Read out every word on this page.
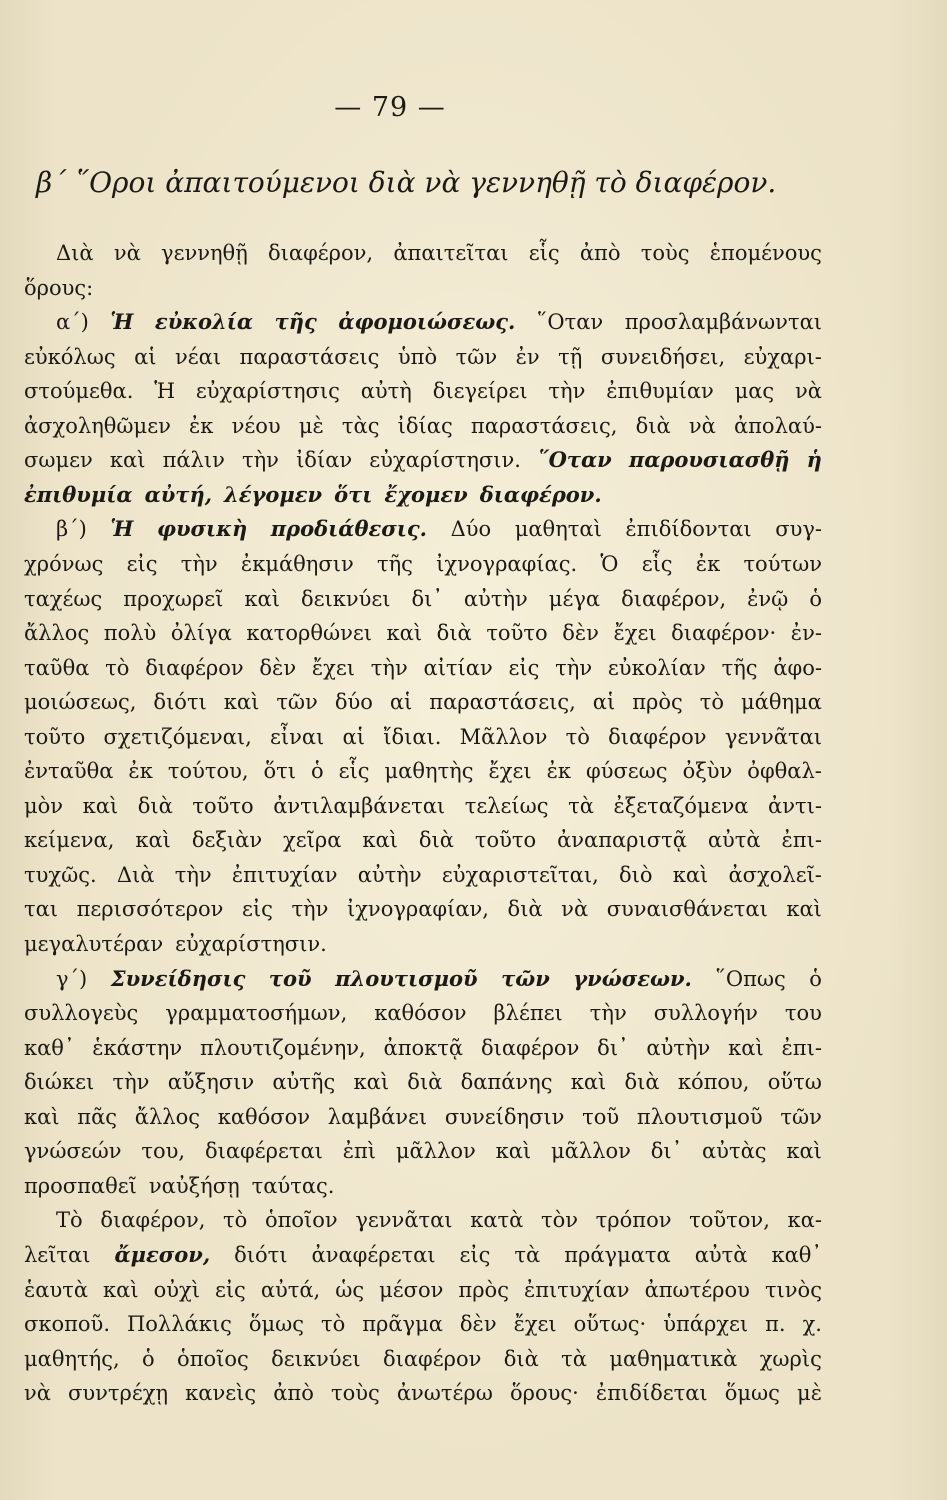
— 79 —
β΄ ῞Οροι ἀπαιτούμενοι διὰ νὰ γεννηθῇ τὸ διαφέρον.
Διὰ νὰ γεννηθῇ διαφέρον, ἀπαιτεῖται εἷς ἀπὸ τοὺς ἑπομένους
ὅρους:
α΄) Ἡ εὐκολία τῆς ἀφομοιώσεως. ῞Οταν προσλαμβάνωνται
εὐκόλως αἱ νέαι παραστάσεις ὑπὸ τῶν ἐν τῇ συνειδήσει, εὐχαρι-
στούμεθα. Ἡ εὐχαρίστησις αὐτὴ διεγείρει τὴν ἐπιθυμίαν μας νὰ
ἀσχοληθῶμεν ἐκ νέου μὲ τὰς ἰδίας παραστάσεις, διὰ νὰ ἀπολαύ-
σωμεν καὶ πάλιν τὴν ἰδίαν εὐχαρίστησιν. ῞Οταν παρουσιασθῇ ἡ
ἐπιθυμία αὐτή, λέγομεν ὅτι ἔχομεν διαφέρον.
β΄) Ἡ φυσικὴ προδιάθεσις. Δύο μαθηταὶ ἐπιδίδονται συγ-
χρόνως εἰς τὴν ἐκμάθησιν τῆς ἰχνογραφίας. Ὁ εἷς ἐκ τούτων
ταχέως προχωρεῖ καὶ δεικνύει δι᾿ αὐτὴν μέγα διαφέρον, ἐνῷ ὁ
ἄλλος πολὺ ὀλίγα κατορθώνει καὶ διὰ τοῦτο δὲν ἔχει διαφέρον· ἐν-
ταῦθα τὸ διαφέρον δὲν ἔχει τὴν αἰτίαν εἰς τὴν εὐκολίαν τῆς ἀφο-
μοιώσεως, διότι καὶ τῶν δύο αἱ παραστάσεις, αἱ πρὸς τὸ μάθημα
τοῦτο σχετιζόμεναι, εἶναι αἱ ἴδιαι. Μᾶλλον τὸ διαφέρον γεννᾶται
ἐνταῦθα ἐκ τούτου, ὅτι ὁ εἷς μαθητὴς ἔχει ἐκ φύσεως ὀξὺν ὀφθαλ-
μὸν καὶ διὰ τοῦτο ἀντιλαμβάνεται τελείως τὰ ἐξεταζόμενα ἀντι-
κείμενα, καὶ δεξιὰν χεῖρα καὶ διὰ τοῦτο ἀναπαριστᾷ αὐτὰ ἐπι-
τυχῶς. Διὰ τὴν ἐπιτυχίαν αὐτὴν εὐχαριστεῖται, διὸ καὶ ἀσχολεῖ-
ται περισσότερον εἰς τὴν ἰχνογραφίαν, διὰ νὰ συναισθάνεται καὶ
μεγαλυτέραν εὐχαρίστησιν.
γ΄) Συνείδησις τοῦ πλουτισμοῦ τῶν γνώσεων. ῞Οπως ὁ
συλλογεὺς γραμματοσήμων, καθόσον βλέπει τὴν συλλογήν του
καθ᾿ ἑκάστην πλουτιζομένην, ἀποκτᾷ διαφέρον δι᾿ αὐτὴν καὶ ἐπι-
διώκει τὴν αὔξησιν αὐτῆς καὶ διὰ δαπάνης καὶ διὰ κόπου, οὕτω
καὶ πᾶς ἄλλος καθόσον λαμβάνει συνείδησιν τοῦ πλουτισμοῦ τῶν
γνώσεών του, διαφέρεται ἐπὶ μᾶλλον καὶ μᾶλλον δι᾿ αὐτὰς καὶ
προσπαθεῖ ναὐξήσῃ ταύτας.
Τὸ διαφέρον, τὸ ὁποῖον γεννᾶται κατὰ τὸν τρόπον τοῦτον, κα-
λεῖται ἄμεσον, διότι ἀναφέρεται εἰς τὰ πράγματα αὐτὰ καθ᾿
ἑαυτὰ καὶ οὐχὶ εἰς αὐτά, ὡς μέσον πρὸς ἐπιτυχίαν ἀπωτέρου τινὸς
σκοποῦ. Πολλάκις ὅμως τὸ πρᾶγμα δὲν ἔχει οὕτως· ὑπάρχει π. χ.
μαθητής, ὁ ὁποῖος δεικνύει διαφέρον διὰ τὰ μαθηματικὰ χωρὶς
νὰ συντρέχῃ κανεὶς ἀπὸ τοὺς ἀνωτέρω ὅρους· ἐπιδίδεται ὅμως μὲ
